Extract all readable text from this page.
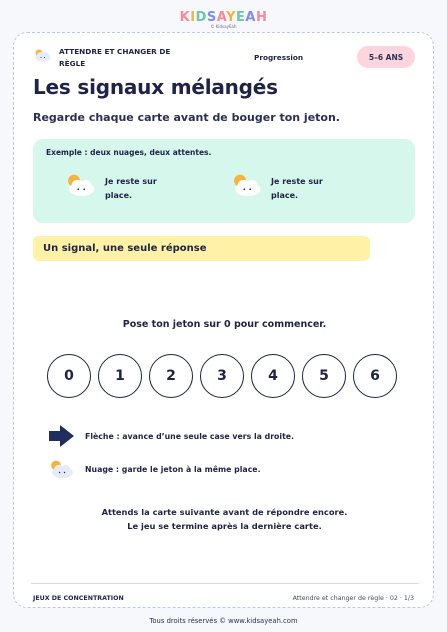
KIDSAYEAH
© KidsayEah
ATTENDRE ET CHANGER DE RÈGLE
Progression	5–6 ANS
Les signaux mélangés
Regarde chaque carte avant de bouger ton jeton.
Exemple : deux nuages, deux attentes.
Je reste sur place.
Je reste sur place.
Un signal, une seule réponse
Pose ton jeton sur 0 pour commencer.
0	1	2	3	4	5	6
Flèche : avance d’une seule case vers la droite.
Nuage : garde le jeton à la même place.
Attends la carte suivante avant de répondre encore.
Le jeu se termine après la dernière carte.
JEUX DE CONCENTRATION	Attendre et changer de règle · 02 · 1/3
Tous droits réservés © www.kidsayeah.com
